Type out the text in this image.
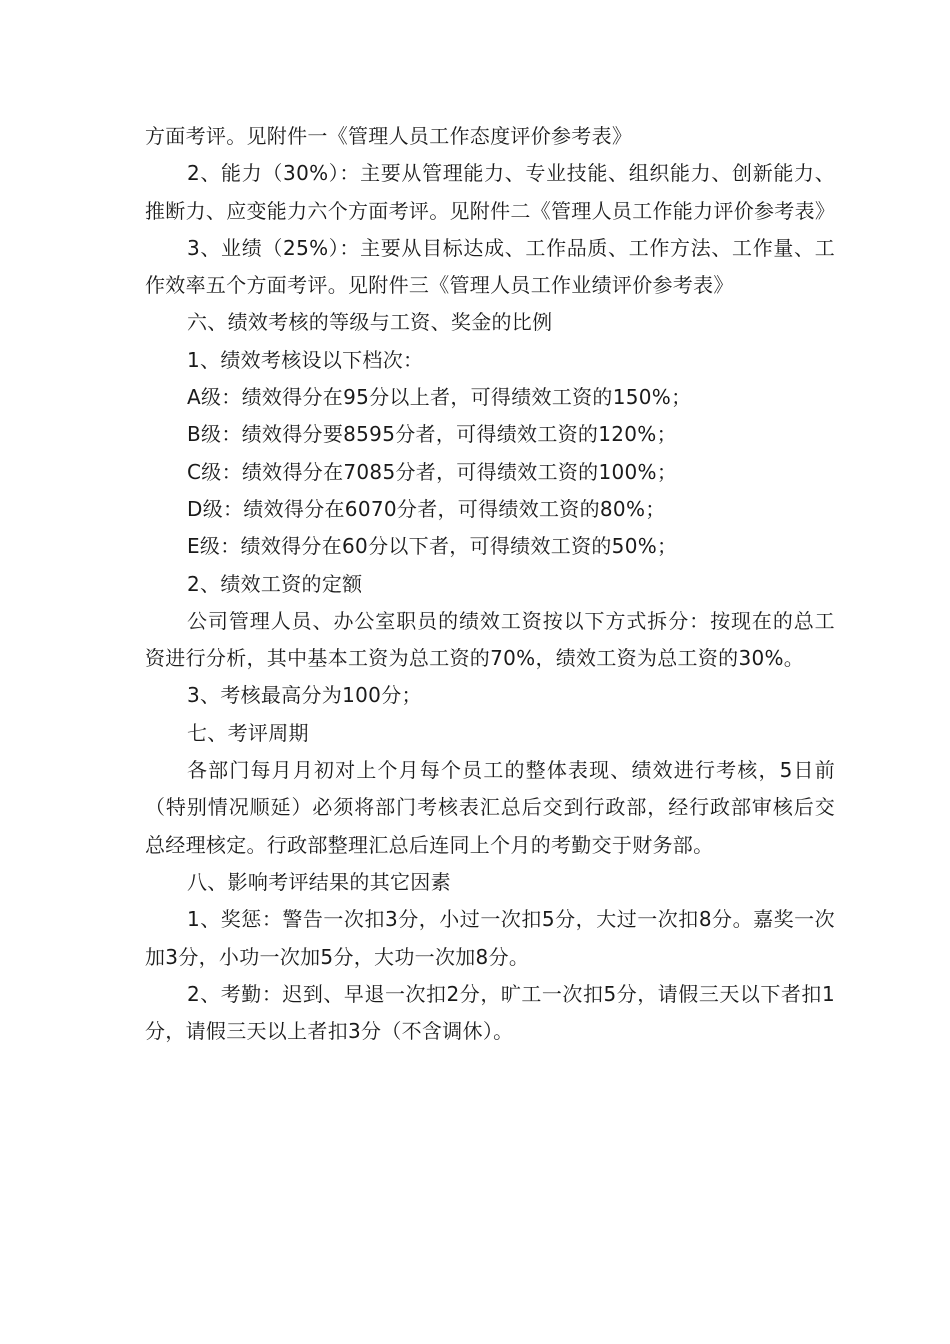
方面考评。见附件一《管理人员工作态度评价参考表》

2、能力（30%）：主要从管理能力、专业技能、组织能力、创新能力、推断力、应变能力六个方面考评。见附件二《管理人员工作能力评价参考表》

3、业绩（25%）：主要从目标达成、工作品质、工作方法、工作量、工作效率五个方面考评。见附件三《管理人员工作业绩评价参考表》

六、绩效考核的等级与工资、奖金的比例

1、绩效考核设以下档次：

A级：绩效得分在95分以上者，可得绩效工资的150%；

B级：绩效得分要8595分者，可得绩效工资的120%；

C级：绩效得分在7085分者，可得绩效工资的100%；

D级：绩效得分在6070分者，可得绩效工资的80%；

E级：绩效得分在60分以下者，可得绩效工资的50%；

2、绩效工资的定额

公司管理人员、办公室职员的绩效工资按以下方式拆分：按现在的总工资进行分析，其中基本工资为总工资的70%，绩效工资为总工资的30%。

3、考核最高分为100分；

七、考评周期

各部门每月月初对上个月每个员工的整体表现、绩效进行考核，5日前（特别情况顺延）必须将部门考核表汇总后交到行政部，经行政部审核后交总经理核定。行政部整理汇总后连同上个月的考勤交于财务部。

八、影响考评结果的其它因素

1、奖惩：警告一次扣3分，小过一次扣5分，大过一次扣8分。嘉奖一次加3分，小功一次加5分，大功一次加8分。

2、考勤：迟到、早退一次扣2分，旷工一次扣5分，请假三天以下者扣1分，请假三天以上者扣3分（不含调休）。
